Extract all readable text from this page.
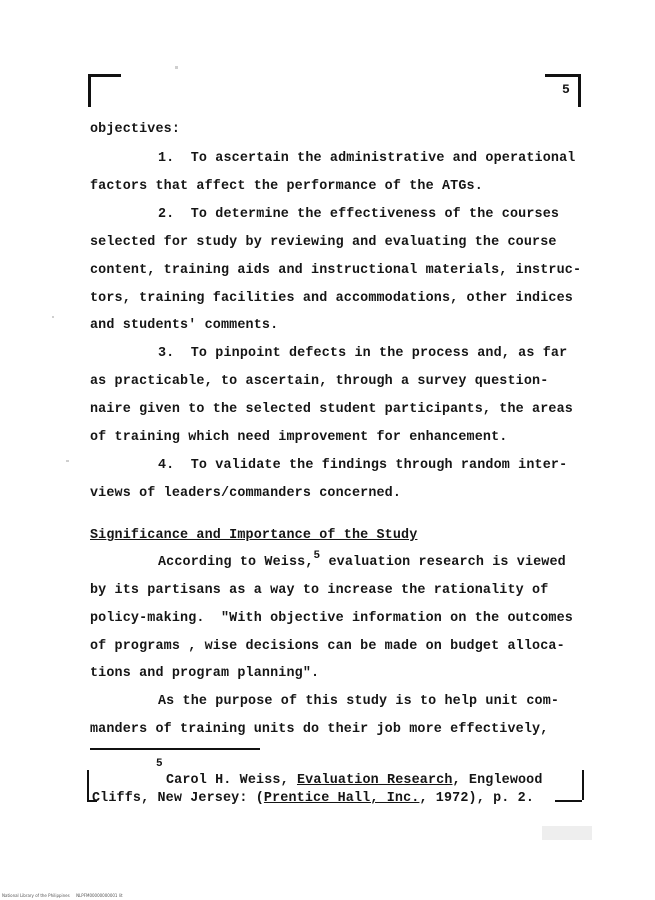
5
objectives:
1.  To ascertain the administrative and operational
factors that affect the performance of the ATGs.
2.  To determine the effectiveness of the courses
selected for study by reviewing and evaluating the course
content, training aids and instructional materials, instruc-
tors, training facilities and accommodations, other indices
and students' comments.
3.  To pinpoint defects in the process and, as far
as practicable, to ascertain, through a survey question-
naire given to the selected student participants, the areas
of training which need improvement for enhancement.
4.  To validate the findings through random inter-
views of leaders/commanders concerned.
Significance and Importance of the Study
According to Weiss,$^5$ evaluation research is viewed
by its partisans as a way to increase the rationality of
policy-making.  "With objective information on the outcomes
of programs , wise decisions can be made on budget alloca-
tions and program planning".
As the purpose of this study is to help unit com-
manders of training units do their job more effectively,
5
Carol H. Weiss, Evaluation Research, Englewood
Cliffs, New Jersey: (Prentice Hall, Inc., 1972), p. 2.
National Library of the Philippines     NLPFM00000000001 lit
